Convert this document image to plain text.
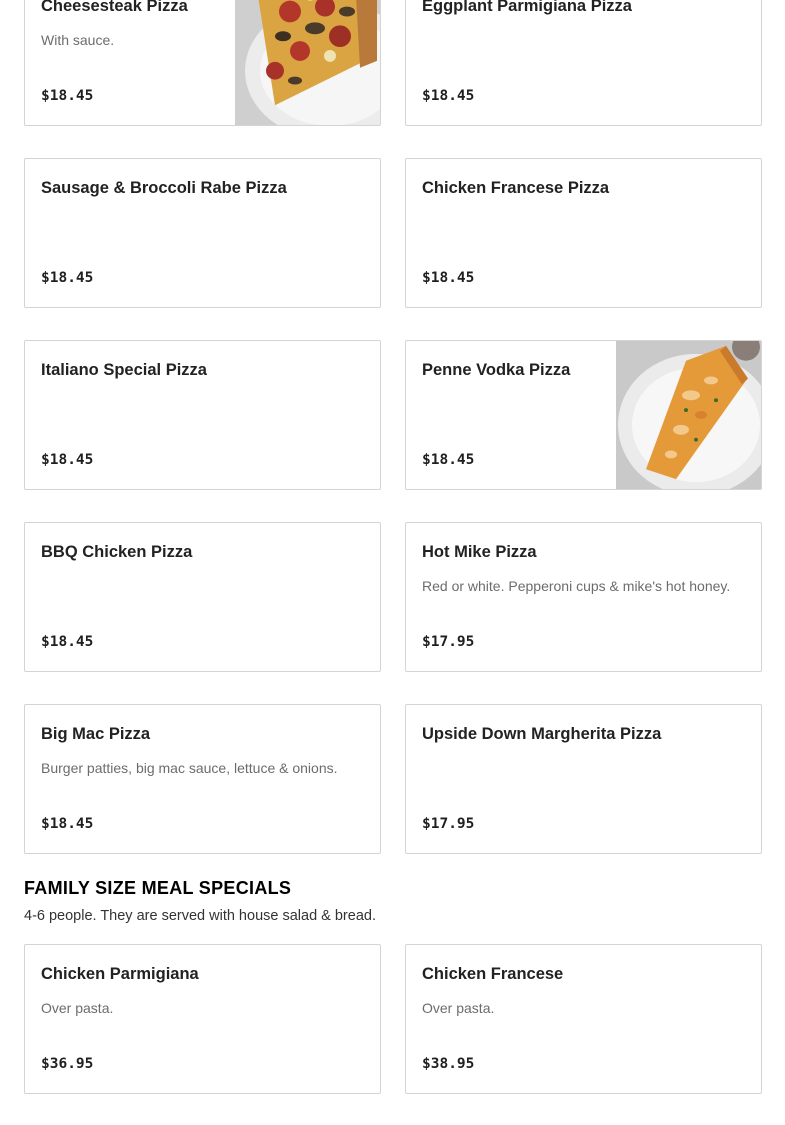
Cheesesteak Pizza
With sauce.
$18.45
Eggplant Parmigiana Pizza
$18.45
Sausage & Broccoli Rabe Pizza
$18.45
Chicken Francese Pizza
$18.45
Italiano Special Pizza
$18.45
Penne Vodka Pizza
$18.45
BBQ Chicken Pizza
$18.45
Hot Mike Pizza
Red or white. Pepperoni cups & mike's hot honey.
$17.95
Big Mac Pizza
Burger patties, big mac sauce, lettuce & onions.
$18.45
Upside Down Margherita Pizza
$17.95
FAMILY SIZE MEAL SPECIALS
4-6 people. They are served with house salad & bread.
Chicken Parmigiana
Over pasta.
$36.95
Chicken Francese
Over pasta.
$38.95
